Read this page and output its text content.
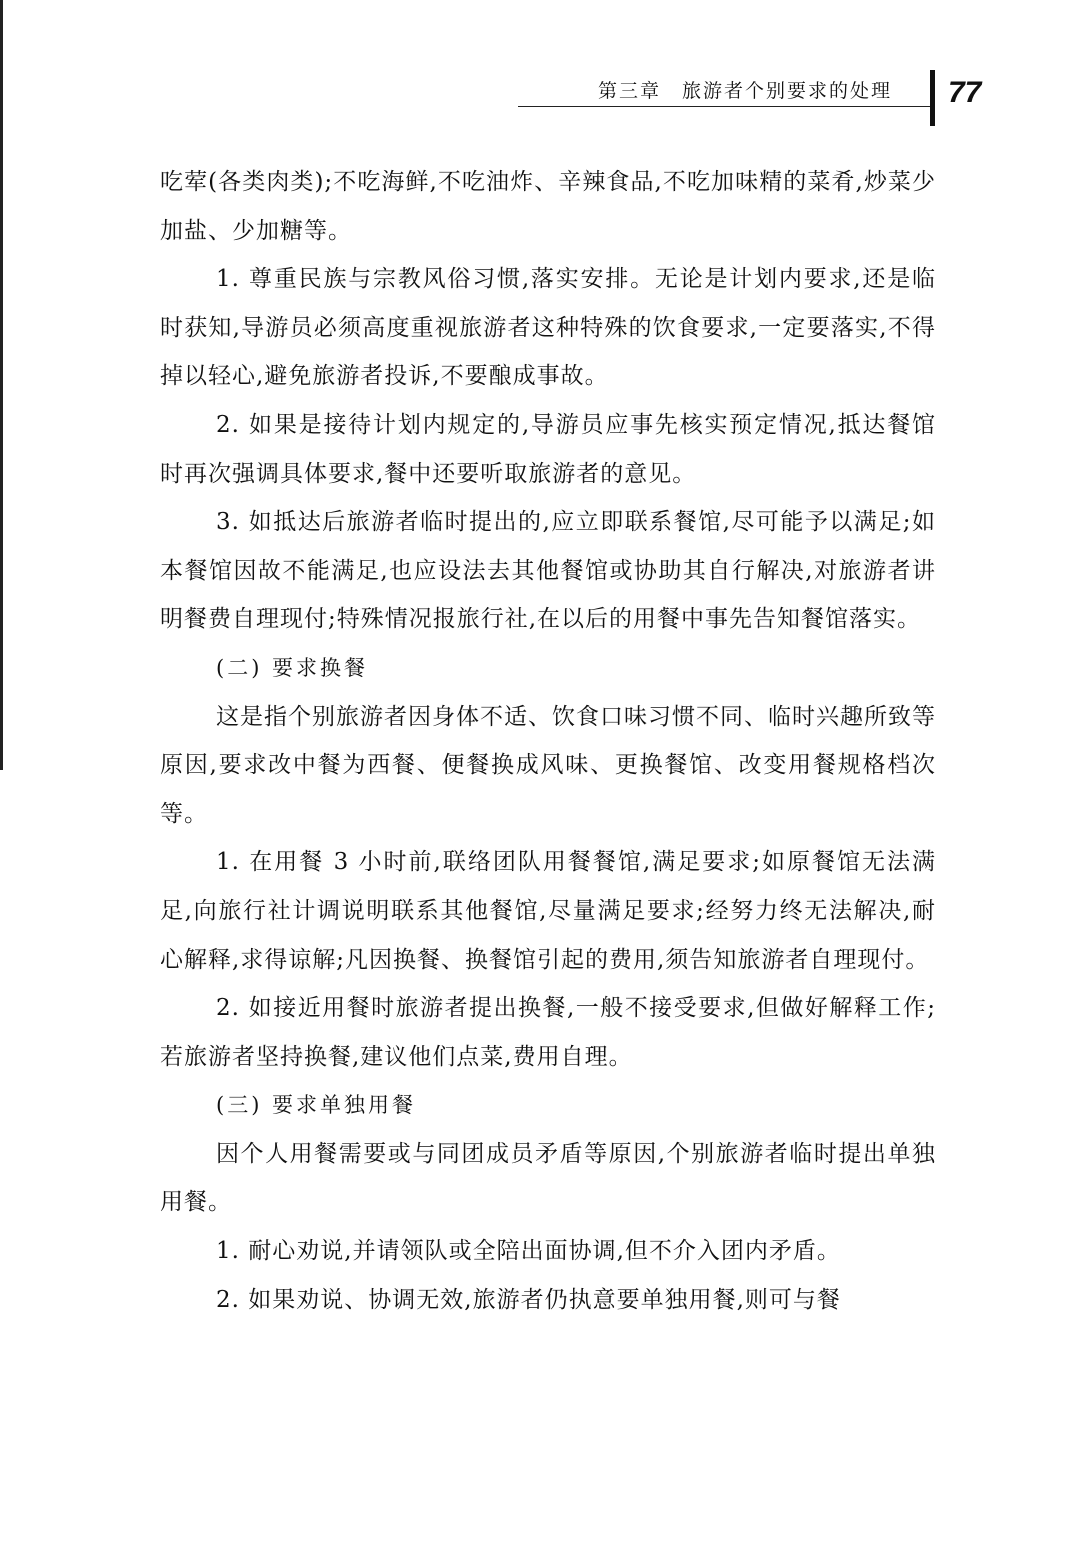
第三章　旅游者个别要求的处理 77

吃荤(各类肉类);不吃海鲜,不吃油炸、辛辣食品,不吃加味精的菜肴,炒菜少加盐、少加糖等。

1. 尊重民族与宗教风俗习惯,落实安排。无论是计划内要求,还是临时获知,导游员必须高度重视旅游者这种特殊的饮食要求,一定要落实,不得掉以轻心,避免旅游者投诉,不要酿成事故。

2. 如果是接待计划内规定的,导游员应事先核实预定情况,抵达餐馆时再次强调具体要求,餐中还要听取旅游者的意见。

3. 如抵达后旅游者临时提出的,应立即联系餐馆,尽可能予以满足;如本餐馆因故不能满足,也应设法去其他餐馆或协助其自行解决,对旅游者讲明餐费自理现付;特殊情况报旅行社,在以后的用餐中事先告知餐馆落实。

(二) 要求换餐

这是指个别旅游者因身体不适、饮食口味习惯不同、临时兴趣所致等原因,要求改中餐为西餐、便餐换成风味、更换餐馆、改变用餐规格档次等。

1. 在用餐 3 小时前,联络团队用餐餐馆,满足要求;如原餐馆无法满足,向旅行社计调说明联系其他餐馆,尽量满足要求;经努力终无法解决,耐心解释,求得谅解;凡因换餐、换餐馆引起的费用,须告知旅游者自理现付。

2. 如接近用餐时旅游者提出换餐,一般不接受要求,但做好解释工作;若旅游者坚持换餐,建议他们点菜,费用自理。

(三) 要求单独用餐

因个人用餐需要或与同团成员矛盾等原因,个别旅游者临时提出单独用餐。

1. 耐心劝说,并请领队或全陪出面协调,但不介入团内矛盾。

2. 如果劝说、协调无效,旅游者仍执意要单独用餐,则可与餐
